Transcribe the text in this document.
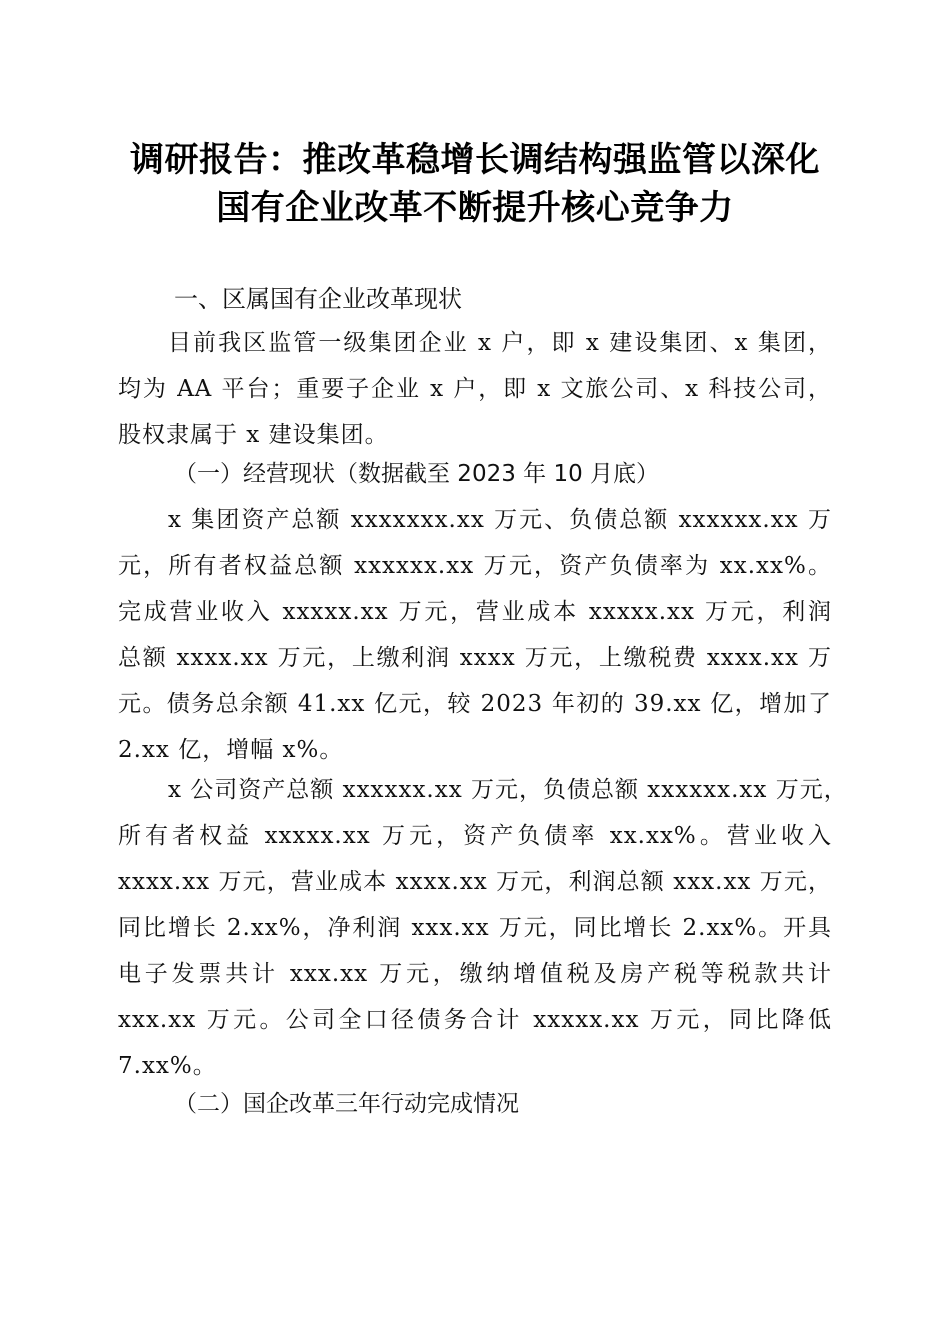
调研报告：推改革稳增长调结构强监管以深化
国有企业改革不断提升核心竞争力
一、区属国有企业改革现状
目前我区监管一级集团企业 x 户，即 x 建设集团、x 集团，
均为 AA 平台；重要子企业 x 户，即 x 文旅公司、x 科技公司，
股权隶属于 x 建设集团。
（一）经营现状（数据截至 2023 年 10 月底）
x 集团资产总额 xxxxxxx.xx 万元、负债总额 xxxxxx.xx 万
元，所有者权益总额 xxxxxx.xx 万元，资产负债率为 xx.xx%。
完成营业收入 xxxxx.xx 万元，营业成本 xxxxx.xx 万元，利润
总额 xxxx.xx 万元，上缴利润 xxxx 万元，上缴税费 xxxx.xx 万
元。债务总余额 41.xx 亿元，较 2023 年初的 39.xx 亿，增加了
2.xx 亿，增幅 x%。
x 公司资产总额 xxxxxx.xx 万元，负债总额 xxxxxx.xx 万元，
所有者权益 xxxxx.xx 万元，资产负债率 xx.xx%。营业收入
xxxx.xx 万元，营业成本 xxxx.xx 万元，利润总额 xxx.xx 万元，
同比增长 2.xx%，净利润 xxx.xx 万元，同比增长 2.xx%。开具
电子发票共计 xxx.xx 万元，缴纳增值税及房产税等税款共计
xxx.xx 万元。公司全口径债务合计 xxxxx.xx 万元，同比降低
7.xx%。
（二）国企改革三年行动完成情况
